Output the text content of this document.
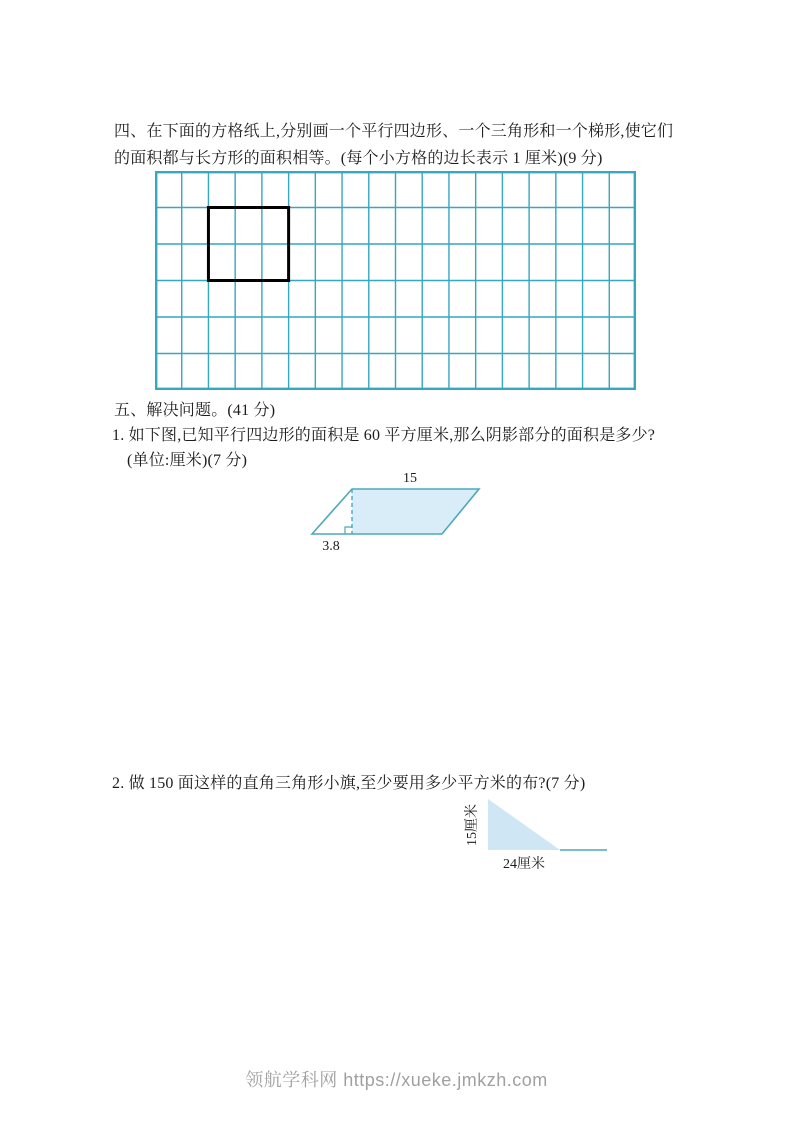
四、在下面的方格纸上,分别画一个平行四边形、一个三角形和一个梯形,使它们
的面积都与长方形的面积相等。(每个小方格的边长表示 1 厘米)(9 分)
五、解决问题。(41 分)
1. 如下图,已知平行四边形的面积是 60 平方厘米,那么阴影部分的面积是多少?
(单位:厘米)(7 分)
15
3.8
2. 做 150 面这样的直角三角形小旗,至少要用多少平方米的布?(7 分)
15厘米
24厘米
领航学科网 https://xueke.jmkzh.com
